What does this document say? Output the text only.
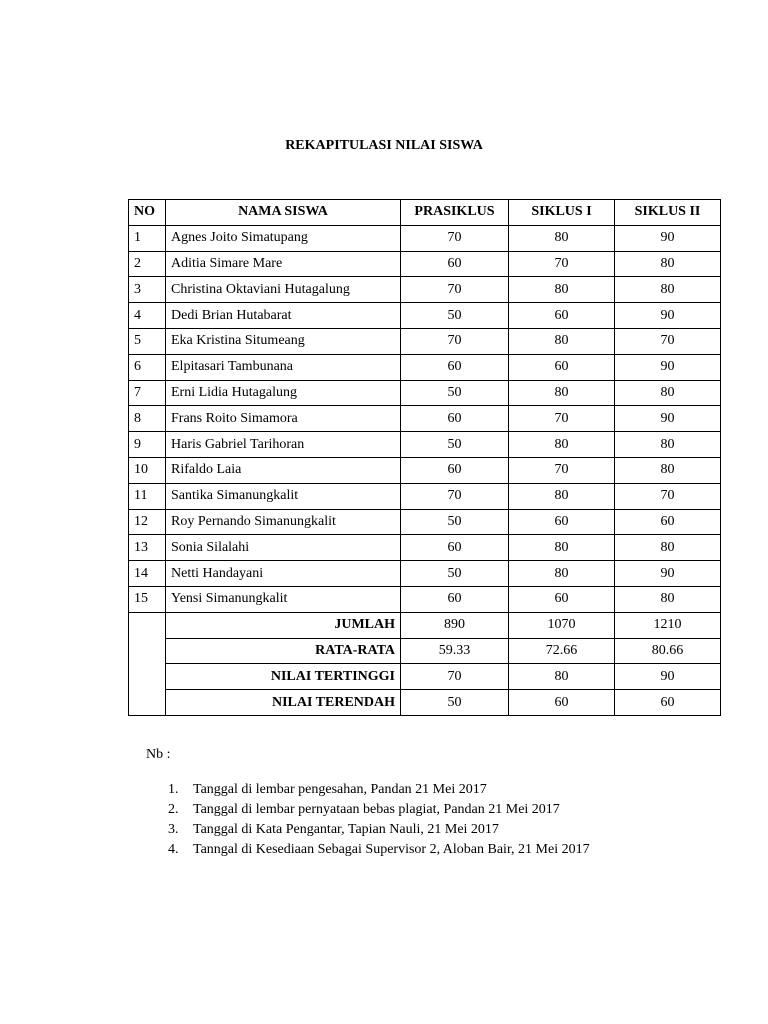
REKAPITULASI NILAI SISWA
NO	NAMA SISWA	PRASIKLUS	SIKLUS I	SIKLUS II
1	Agnes Joito Simatupang	70	80	90
2	Aditia Simare Mare	60	70	80
3	Christina Oktaviani Hutagalung	70	80	80
4	Dedi Brian Hutabarat	50	60	90
5	Eka Kristina Situmeang	70	80	70
6	Elpitasari Tambunana	60	60	90
7	Erni Lidia Hutagalung	50	80	80
8	Frans Roito Simamora	60	70	90
9	Haris Gabriel Tarihoran	50	80	80
10	Rifaldo Laia	60	70	80
11	Santika Simanungkalit	70	80	70
12	Roy Pernando Simanungkalit	50	60	60
13	Sonia Silalahi	60	80	80
14	Netti Handayani	50	80	90
15	Yensi Simanungkalit	60	60	80
	JUMLAH	890	1070	1210
	RATA-RATA	59.33	72.66	80.66
	NILAI TERTINGGI	70	80	90
	NILAI TERENDAH	50	60	60
Nb :
1. Tanggal di lembar pengesahan, Pandan 21 Mei 2017
2. Tanggal di lembar pernyataan bebas plagiat, Pandan 21 Mei 2017
3. Tanggal di Kata Pengantar, Tapian Nauli, 21 Mei 2017
4. Tanngal di Kesediaan Sebagai Supervisor 2, Aloban Bair, 21 Mei 2017
